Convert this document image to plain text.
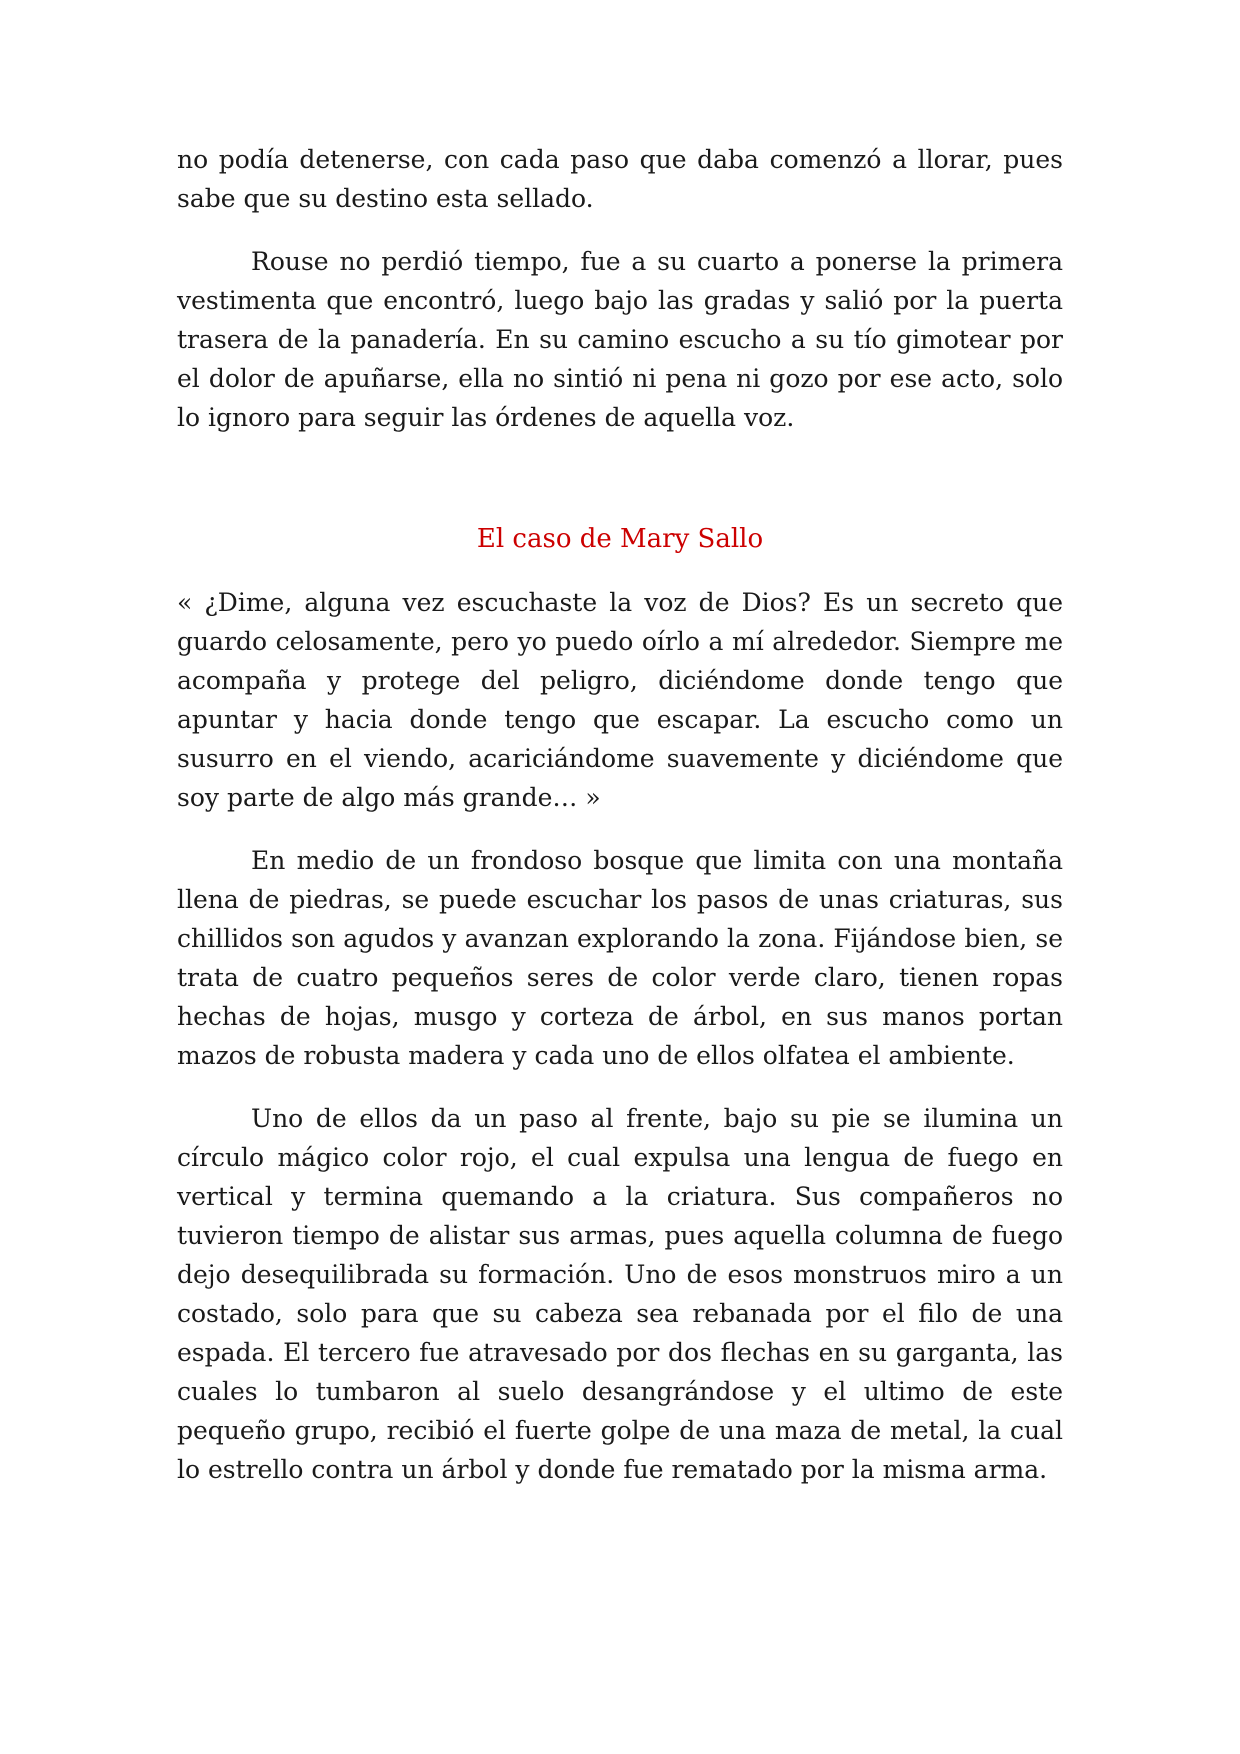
no podía detenerse, con cada paso que daba comenzó a llorar, pues sabe que su destino esta sellado.

Rouse no perdió tiempo, fue a su cuarto a ponerse la primera vestimenta que encontró, luego bajo las gradas y salió por la puerta trasera de la panadería. En su camino escucho a su tío gimotear por el dolor de apuñarse, ella no sintió ni pena ni gozo por ese acto, solo lo ignoro para seguir las órdenes de aquella voz.

El caso de Mary Sallo

« ¿Dime, alguna vez escuchaste la voz de Dios? Es un secreto que guardo celosamente, pero yo puedo oírlo a mí alrededor. Siempre me acompaña y protege del peligro, diciéndome donde tengo que apuntar y hacia donde tengo que escapar. La escucho como un susurro en el viendo, acariciándome suavemente y diciéndome que soy parte de algo más grande… »

En medio de un frondoso bosque que limita con una montaña llena de piedras, se puede escuchar los pasos de unas criaturas, sus chillidos son agudos y avanzan explorando la zona. Fijándose bien, se trata de cuatro pequeños seres de color verde claro, tienen ropas hechas de hojas, musgo y corteza de árbol, en sus manos portan mazos de robusta madera y cada uno de ellos olfatea el ambiente.

Uno de ellos da un paso al frente, bajo su pie se ilumina un círculo mágico color rojo, el cual expulsa una lengua de fuego en vertical y termina quemando a la criatura. Sus compañeros no tuvieron tiempo de alistar sus armas, pues aquella columna de fuego dejo desequilibrada su formación. Uno de esos monstruos miro a un costado, solo para que su cabeza sea rebanada por el filo de una espada. El tercero fue atravesado por dos flechas en su garganta, las cuales lo tumbaron al suelo desangrándose y el ultimo de este pequeño grupo, recibió el fuerte golpe de una maza de metal, la cual lo estrello contra un árbol y donde fue rematado por la misma arma.
